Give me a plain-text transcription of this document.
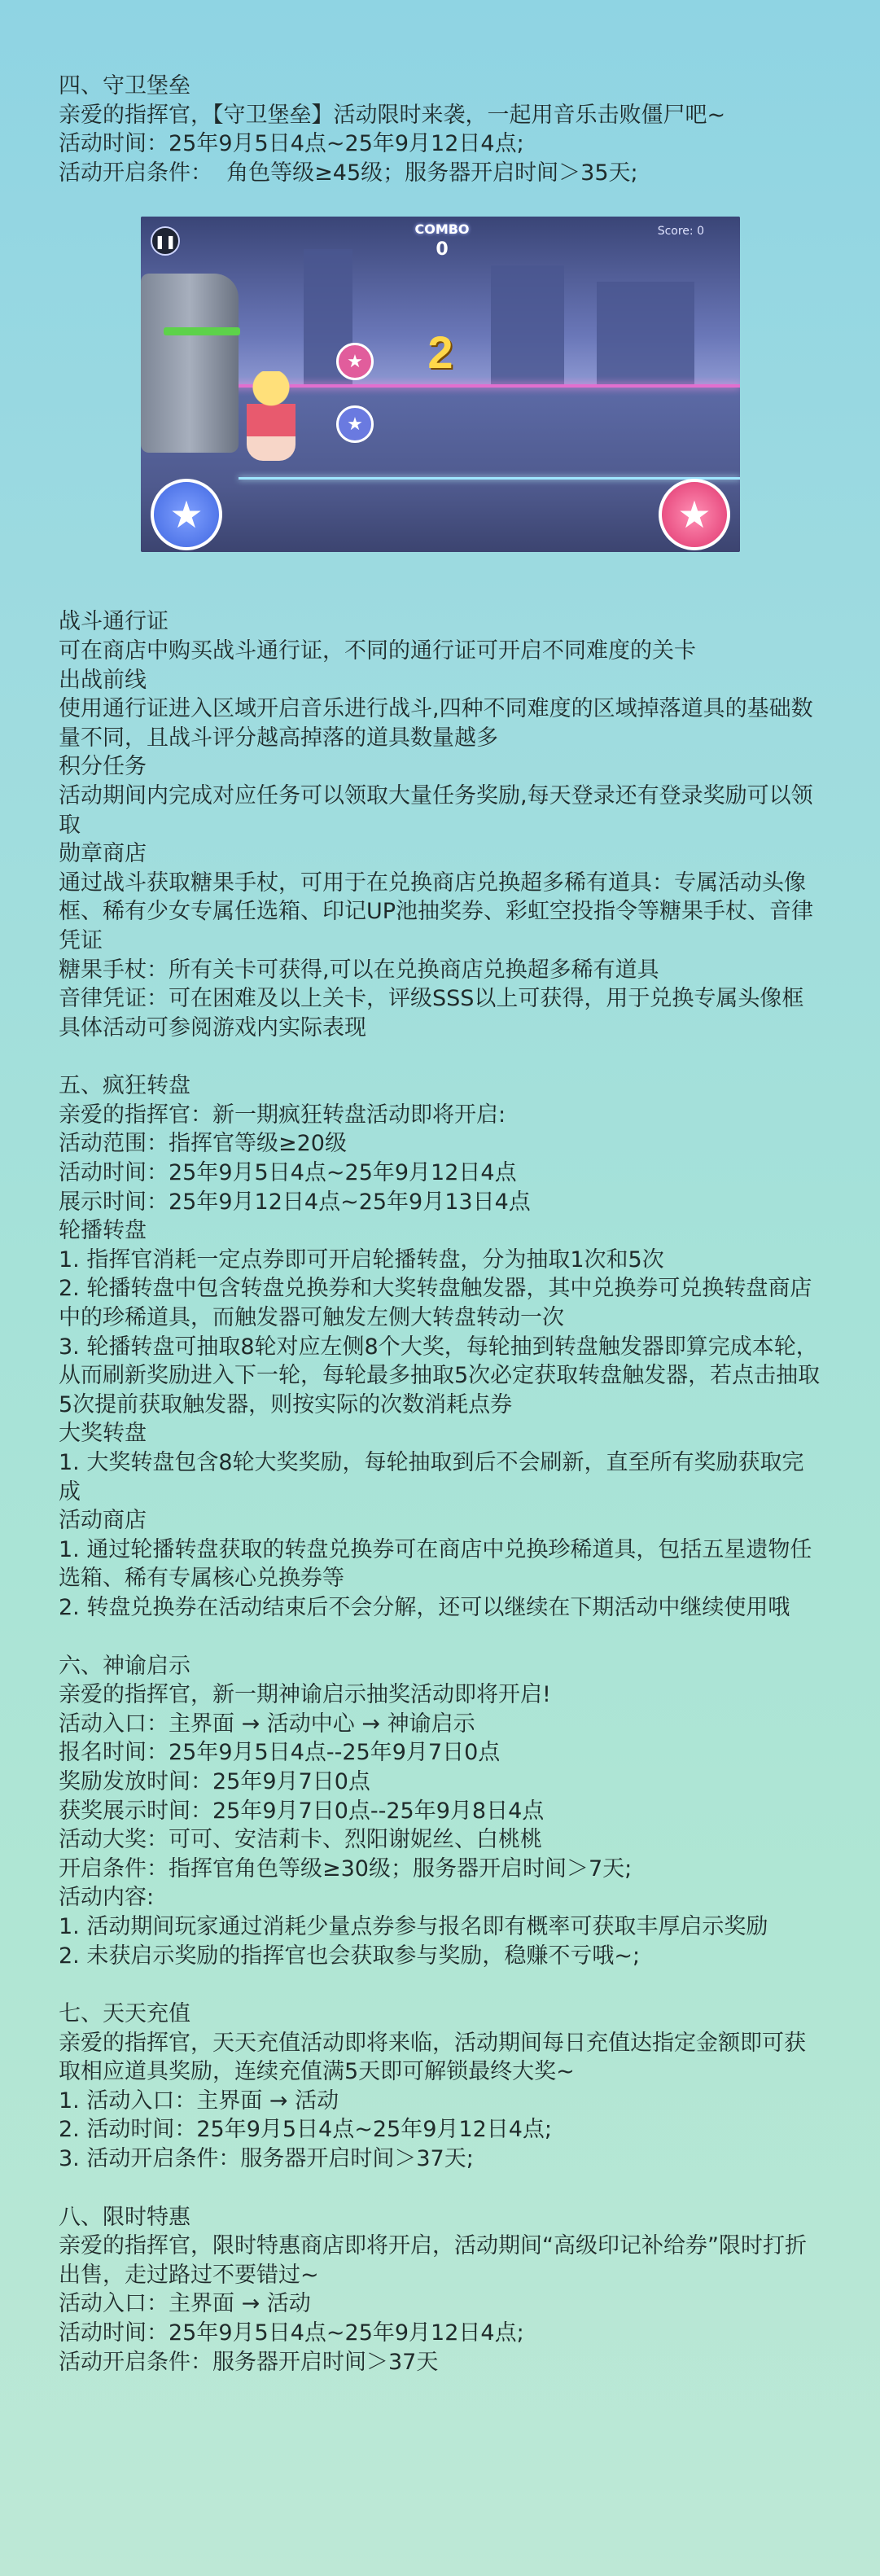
四、守卫堡垒

亲爱的指挥官，【守卫堡垒】活动限时来袭，一起用音乐击败僵尸吧~

活动时间：25年9月5日4点~25年9月12日4点;

活动开启条件：  角色等级≥45级；服务器开启时间＞35天;

★
★
2
❚❚
COMBO
0
Score: 0
★	★

战斗通行证

可在商店中购买战斗通行证，不同的通行证可开启不同难度的关卡

出战前线

使用通行证进入区域开启音乐进行战斗,四种不同难度的区域掉落道具的基础数量不同，且战斗评分越高掉落的道具数量越多

积分任务

活动期间内完成对应任务可以领取大量任务奖励,每天登录还有登录奖励可以领取

勋章商店

通过战斗获取糖果手杖，可用于在兑换商店兑换超多稀有道具：专属活动头像框、稀有少女专属任选箱、印记UP池抽奖券、彩虹空投指令等糖果手杖、音律凭证

糖果手杖：所有关卡可获得,可以在兑换商店兑换超多稀有道具

音律凭证：可在困难及以上关卡，评级SSS以上可获得，用于兑换专属头像框

具体活动可参阅游戏内实际表现

五、疯狂转盘

亲爱的指挥官：新一期疯狂转盘活动即将开启:

活动范围：指挥官等级≥20级

活动时间：25年9月5日4点~25年9月12日4点

展示时间：25年9月12日4点~25年9月13日4点

轮播转盘

1. 指挥官消耗一定点券即可开启轮播转盘，分为抽取1次和5次

2. 轮播转盘中包含转盘兑换券和大奖转盘触发器，其中兑换券可兑换转盘商店中的珍稀道具，而触发器可触发左侧大转盘转动一次

3. 轮播转盘可抽取8轮对应左侧8个大奖，每轮抽到转盘触发器即算完成本轮，从而刷新奖励进入下一轮，每轮最多抽取5次必定获取转盘触发器，若点击抽取5次提前获取触发器，则按实际的次数消耗点券

大奖转盘

1. 大奖转盘包含8轮大奖奖励，每轮抽取到后不会刷新，直至所有奖励获取完成

活动商店

1. 通过轮播转盘获取的转盘兑换券可在商店中兑换珍稀道具，包括五星遗物任选箱、稀有专属核心兑换券等

2. 转盘兑换券在活动结束后不会分解，还可以继续在下期活动中继续使用哦

六、神谕启示

亲爱的指挥官，新一期神谕启示抽奖活动即将开启!

活动入口：主界面 → 活动中心 → 神谕启示

报名时间：25年9月5日4点--25年9月7日0点

奖励发放时间：25年9月7日0点

获奖展示时间：25年9月7日0点--25年9月8日4点

活动大奖：可可、安洁莉卡、烈阳谢妮丝、白桃桃

开启条件：指挥官角色等级≥30级；服务器开启时间＞7天;

活动内容:

1. 活动期间玩家通过消耗少量点券参与报名即有概率可获取丰厚启示奖励

2. 未获启示奖励的指挥官也会获取参与奖励，稳赚不亏哦~;

七、天天充值

亲爱的指挥官，天天充值活动即将来临，活动期间每日充值达指定金额即可获取相应道具奖励，连续充值满5天即可解锁最终大奖~

1. 活动入口：主界面 → 活动

2. 活动时间：25年9月5日4点~25年9月12日4点;

3. 活动开启条件：服务器开启时间＞37天;

八、限时特惠

亲爱的指挥官，限时特惠商店即将开启，活动期间“高级印记补给券”限时打折出售，走过路过不要错过~

活动入口：主界面 → 活动

活动时间：25年9月5日4点~25年9月12日4点;

活动开启条件：服务器开启时间＞37天
